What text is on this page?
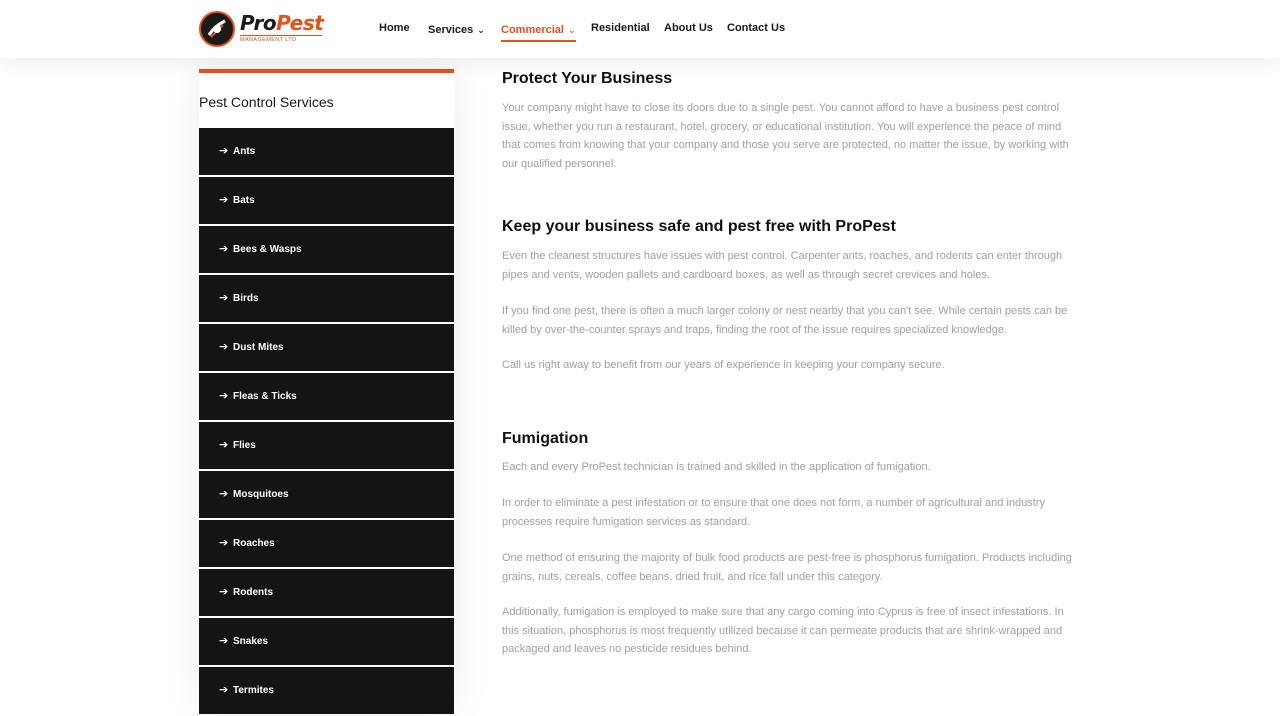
ProPest
MANAGEMENT LTD
Home Services ⌄ Commercial ⌄ Residential About Us Contact Us
Pest Control Services
➔ Ants
➔ Bats
➔ Bees & Wasps
➔ Birds
➔ Dust Mites
➔ Fleas & Ticks
➔ Flies
➔ Mosquitoes
➔ Roaches
➔ Rodents
➔ Snakes
➔ Termites
Protect Your Business
Your company might have to close its doors due to a single pest. You cannot afford to have a business pest control issue, whether you run a restaurant, hotel, grocery, or educational institution. You will experience the peace of mind that comes from knowing that your company and those you serve are protected, no matter the issue, by working with our qualified personnel.
Keep your business safe and pest free with ProPest
Even the cleanest structures have issues with pest control. Carpenter ants, roaches, and rodents can enter through pipes and vents, wooden pallets and cardboard boxes, as well as through secret crevices and holes.
If you find one pest, there is often a much larger colony or nest nearby that you can't see. While certain pests can be killed by over-the-counter sprays and traps, finding the root of the issue requires specialized knowledge.
Call us right away to benefit from our years of experience in keeping your company secure.
Fumigation
Each and every ProPest technician is trained and skilled in the application of fumigation.
In order to eliminate a pest infestation or to ensure that one does not form, a number of agricultural and industry processes require fumigation services as standard.
One method of ensuring the majority of bulk food products are pest-free is phosphorus fumigation. Products including grains, nuts, cereals, coffee beans, dried fruit, and rice fall under this category.
Additionally, fumigation is employed to make sure that any cargo coming into Cyprus is free of insect infestations. In this situation, phosphorus is most frequently utilized because it can permeate products that are shrink-wrapped and packaged and leaves no pesticide residues behind.
